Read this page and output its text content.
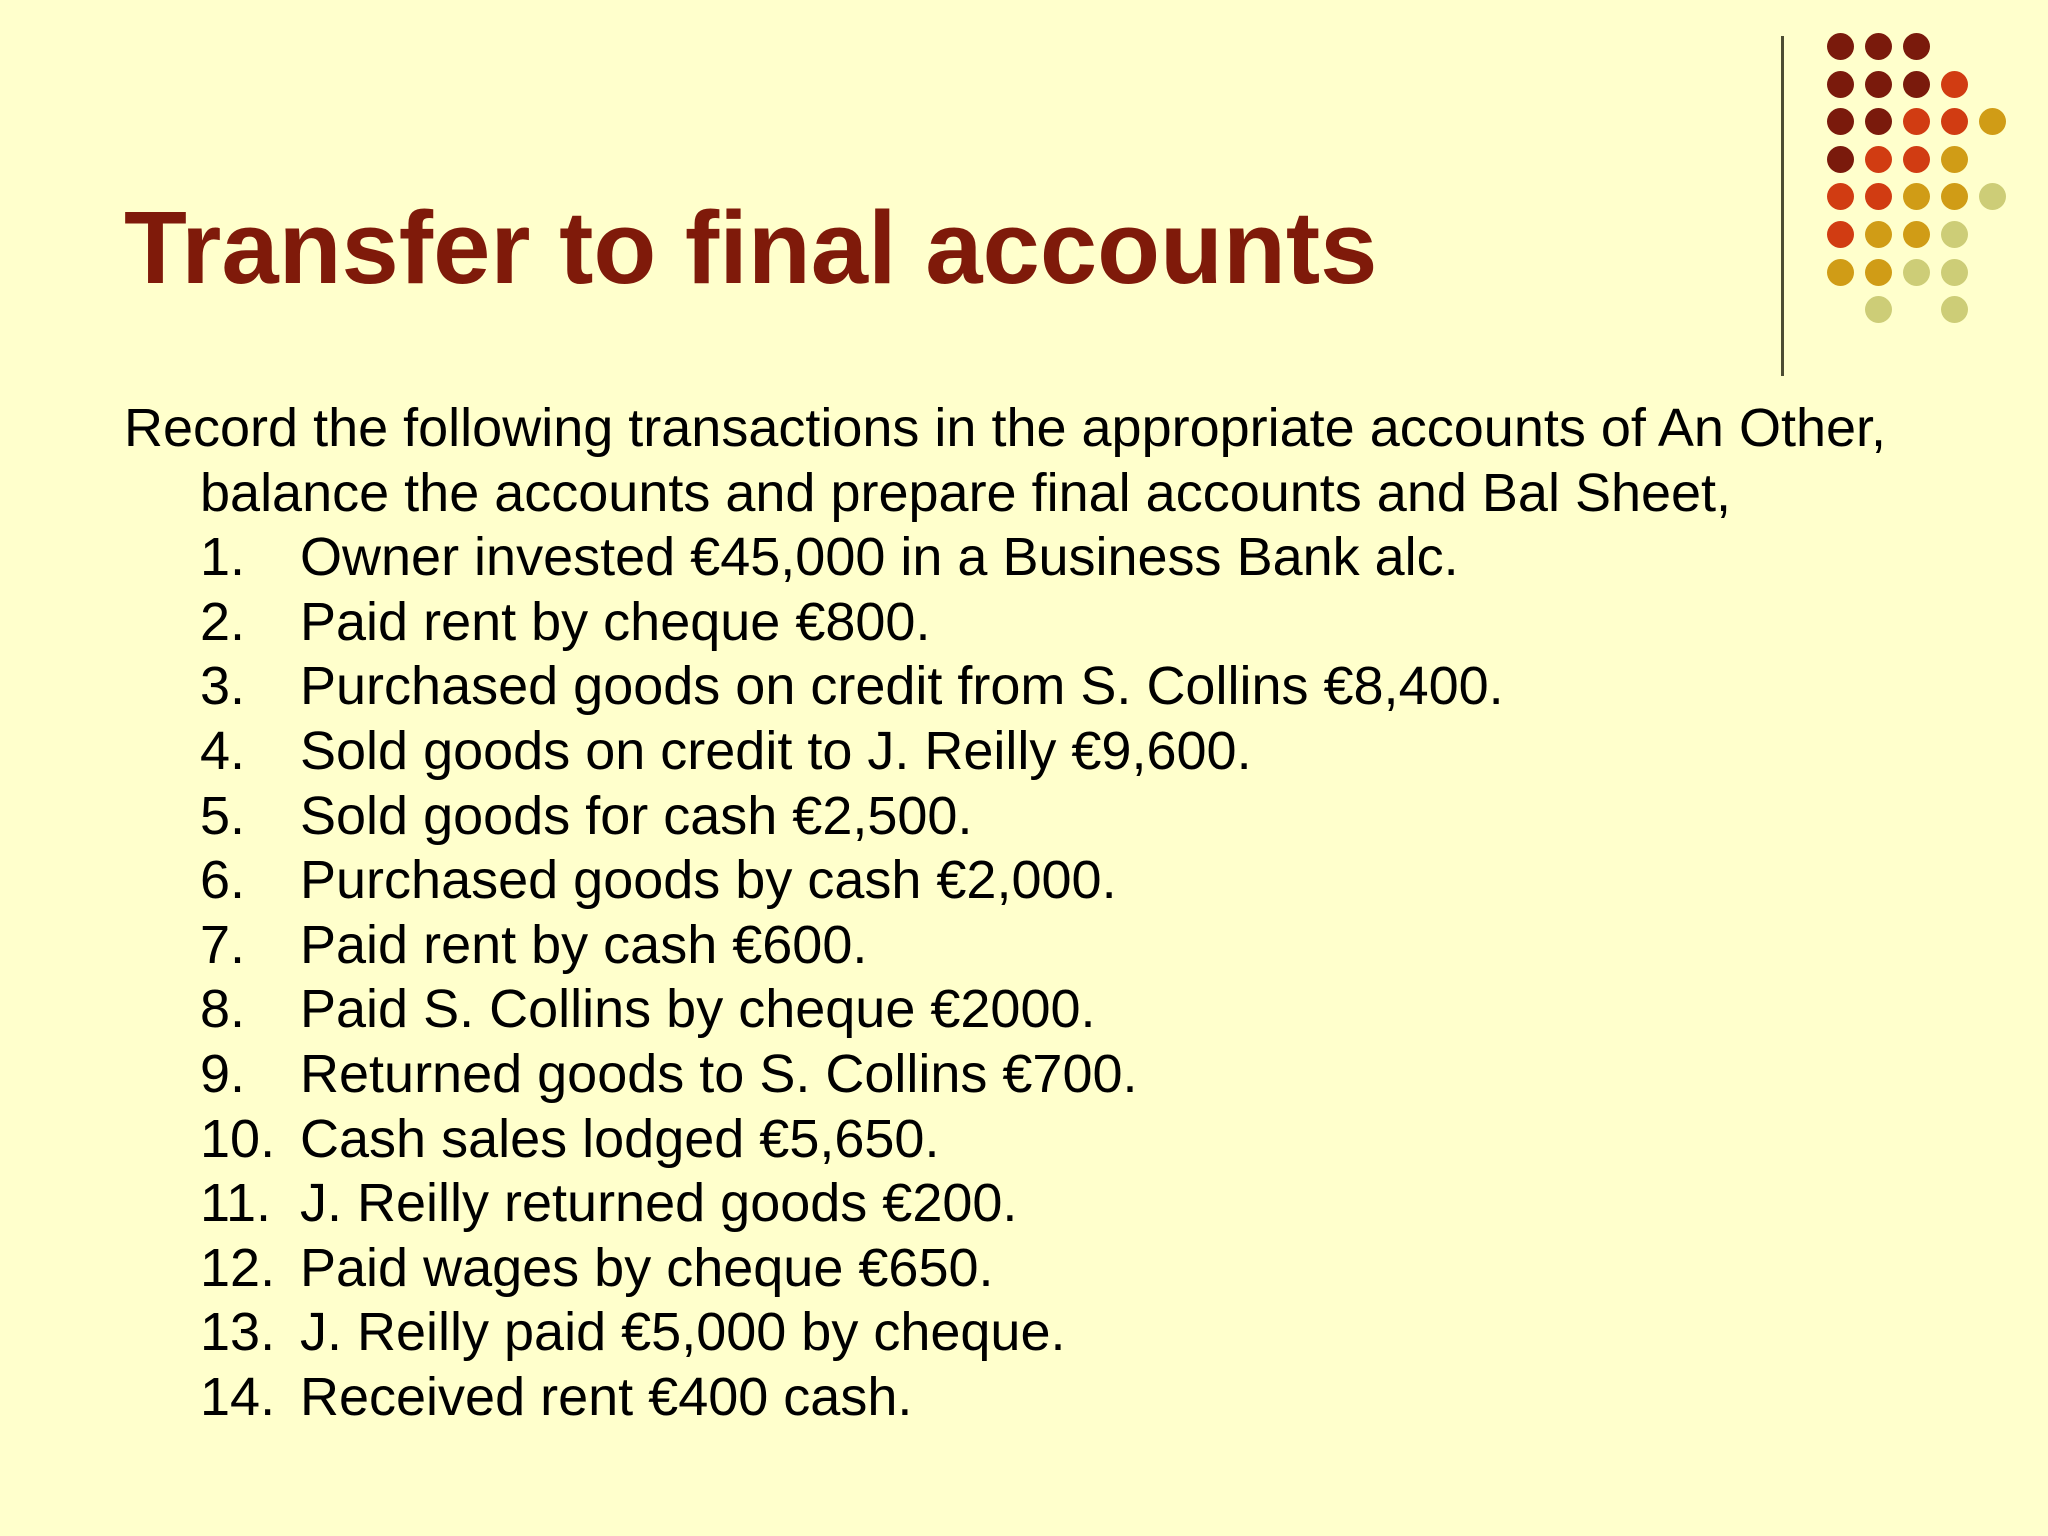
Transfer to final accounts

Record the following transactions in the appropriate accounts of An Other, balance the accounts and prepare final accounts and Bal Sheet,

1. Owner invested €45,000 in a Business Bank alc.
2. Paid rent by cheque €800.
3. Purchased goods on credit from S. Collins €8,400.
4. Sold goods on credit to J. Reilly €9,600.
5. Sold goods for cash €2,500.
6. Purchased goods by cash €2,000.
7. Paid rent by cash €600.
8. Paid S. Collins by cheque €2000.
9. Returned goods to S. Collins €700.
10. Cash sales lodged €5,650.
11. J. Reilly returned goods €200.
12. Paid wages by cheque €650.
13. J. Reilly paid €5,000 by cheque.
14. Received rent €400 cash.
